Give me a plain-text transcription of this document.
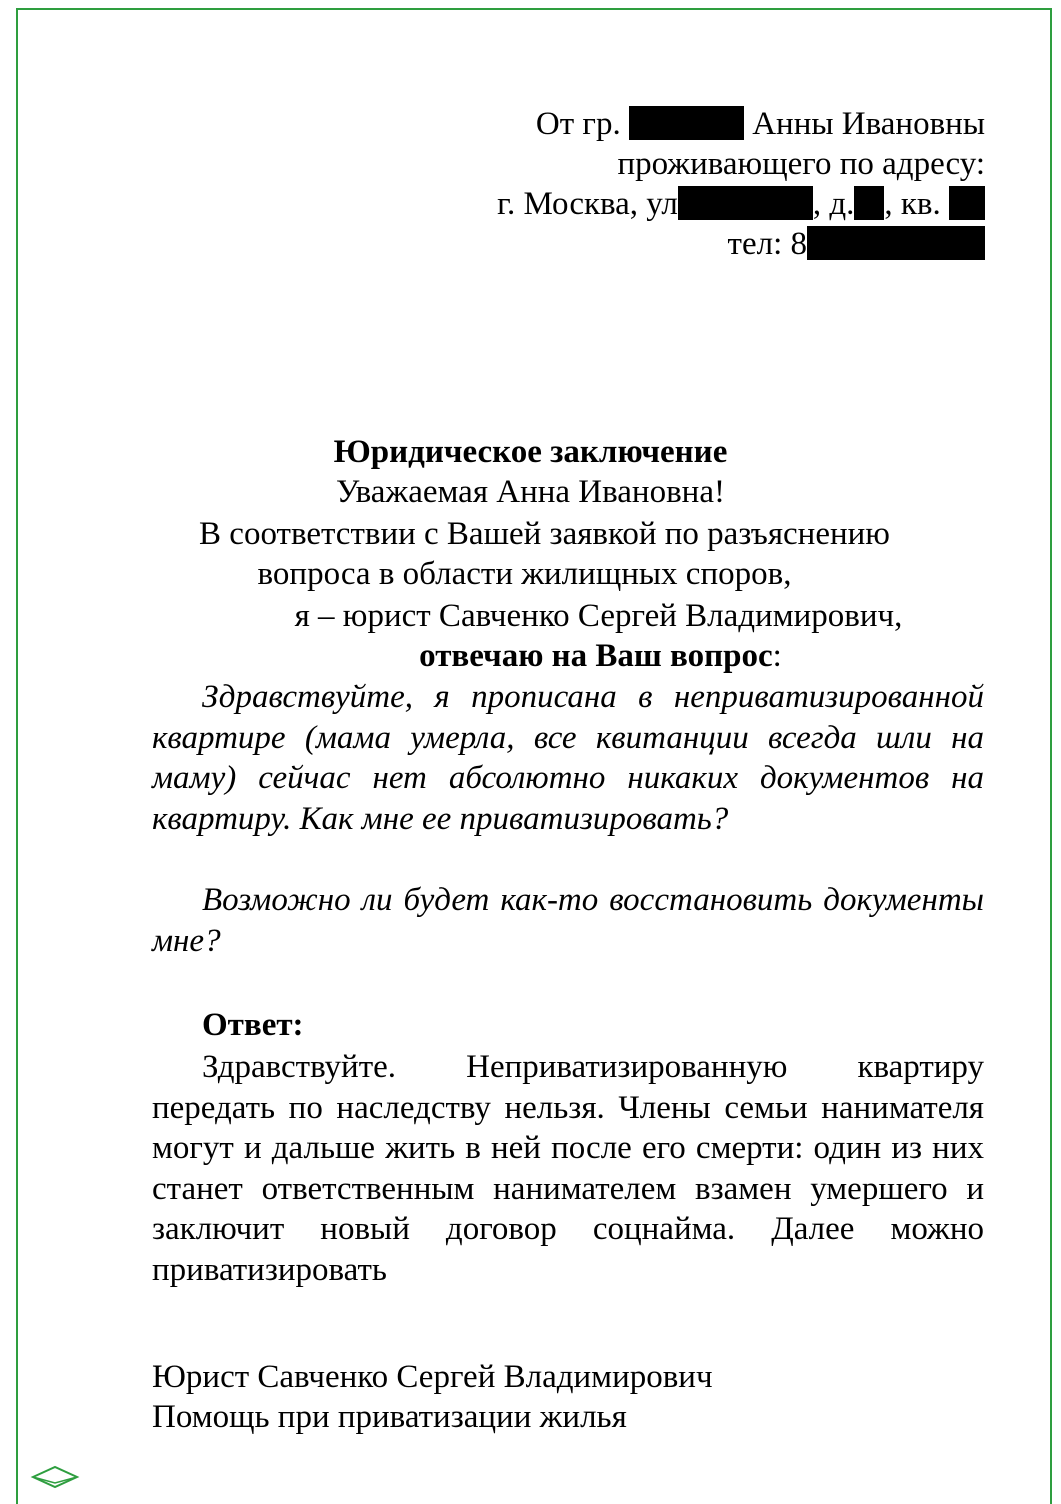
От гр.	Анны Ивановны
проживающего по адресу:
г. Москва, ул	, д. , кв.
тел: 8
Юридическое заключение
Уважаемая Анна Ивановна!
В соответствии с Вашей заявкой по разъяснению
вопроса в области жилищных споров,
я – юрист Савченко Сергей Владимирович,
отвечаю на Ваш вопрос:
Здравствуйте, я прописана в неприватизированной квартире (мама умерла, все квитанции всегда шли на маму) сейчас нет абсолютно никаких документов на квартиру. Как мне ее приватизировать?
Возможно ли будет как-то восстановить документы мне?
Ответ:
Здравствуйте. Неприватизированную квартиру передать по наследству нельзя. Члены семьи нанимателя могут и дальше жить в ней после его смерти: один из них станет ответственным нанимателем взамен умершего и заключит новый договор соцнайма. Далее можно приватизировать
Юрист Савченко Сергей Владимирович
Помощь при приватизации жилья
